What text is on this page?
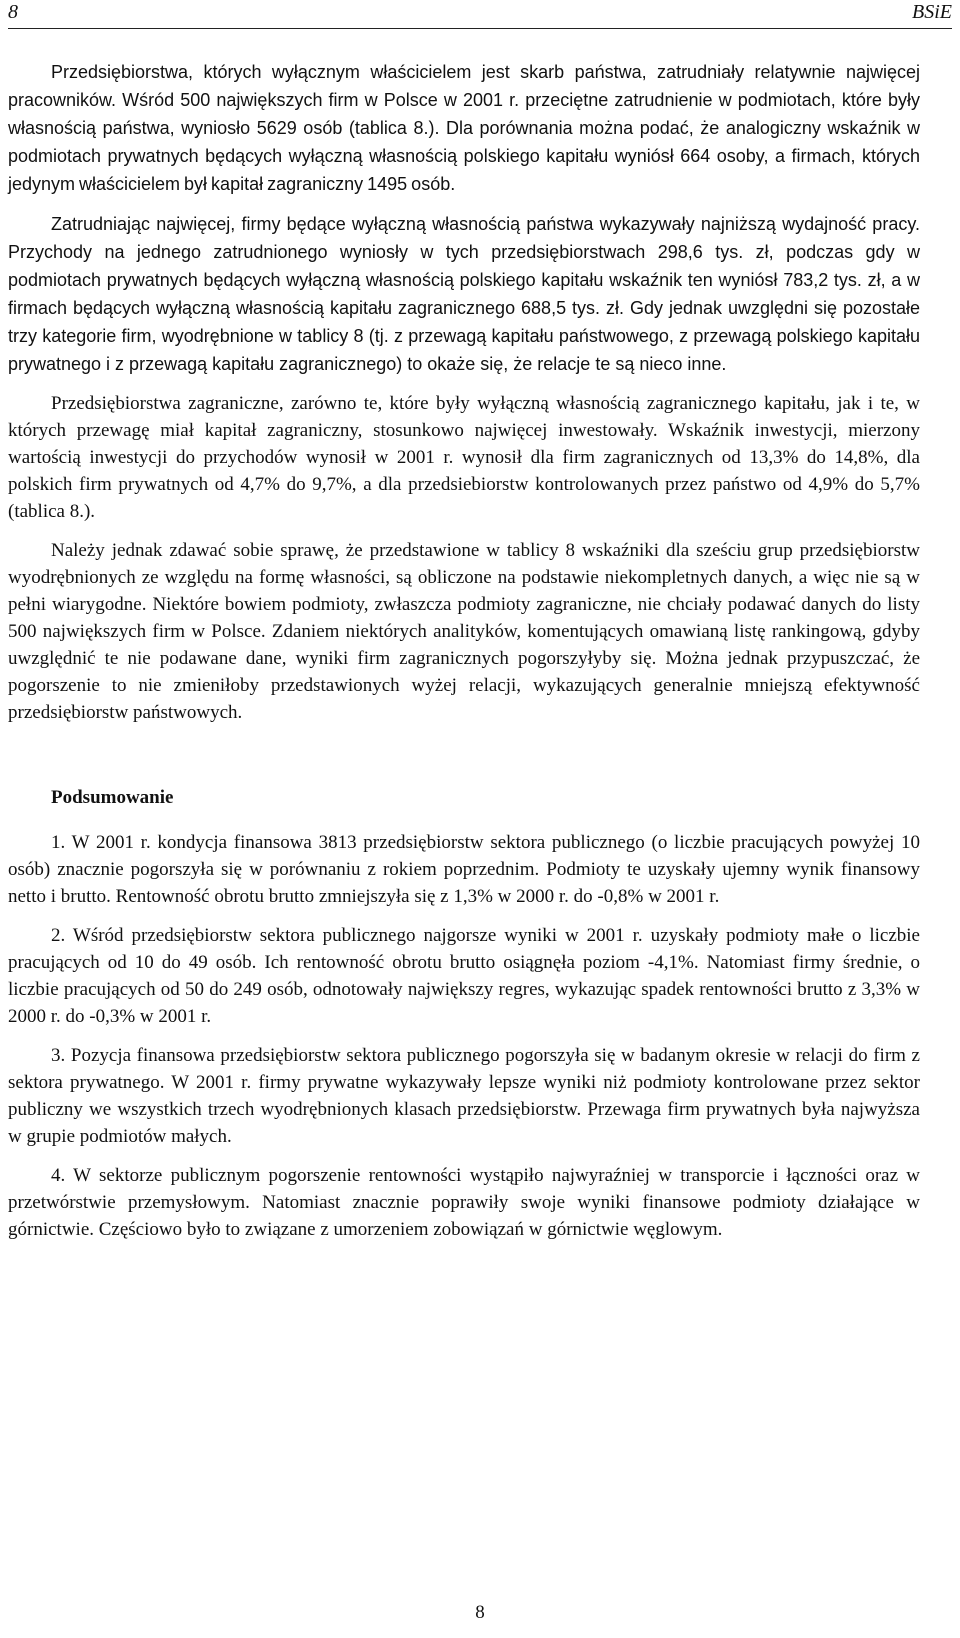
8	BSiE

Przedsiębiorstwa, których wyłącznym właścicielem jest skarb państwa, zatrudniały relatywnie najwięcej pracowników. Wśród 500 największych firm w Polsce w 2001 r. przeciętne zatrudnienie w podmiotach, które były własnością państwa, wyniosło 5629 osób (tablica 8.). Dla porównania można podać, że analogiczny wskaźnik w podmiotach prywatnych będących wyłączną własnością polskiego kapitału wyniósł 664 osoby, a firmach, których jedynym właścicielem był kapitał zagraniczny 1495 osób.

Zatrudniając najwięcej, firmy będące wyłączną własnością państwa wykazywały najniższą wydajność pracy. Przychody na jednego zatrudnionego wyniosły w tych przedsiębiorstwach 298,6 tys. zł, podczas gdy w podmiotach prywatnych będących wyłączną własnością polskiego kapitału wskaźnik ten wyniósł 783,2 tys. zł, a w firmach będących wyłączną własnością kapitału zagranicznego 688,5 tys. zł. Gdy jednak uwzględni się pozostałe trzy kategorie firm, wyodrębnione w tablicy 8 (tj. z przewagą kapitału państwowego, z przewagą polskiego kapitału prywatnego i z przewagą kapitału zagranicznego) to okaże się, że relacje te są nieco inne.

Przedsiębiorstwa zagraniczne, zarówno te, które były wyłączną własnością zagranicznego kapitału, jak i te, w których przewagę miał kapitał zagraniczny, stosunkowo najwięcej inwestowały. Wskaźnik inwestycji, mierzony wartością inwestycji do przychodów wynosił w 2001 r. wynosił dla firm zagranicznych od 13,3% do 14,8%, dla polskich firm prywatnych od 4,7% do 9,7%, a dla przedsiebiorstw kontrolowanych przez państwo od 4,9% do 5,7% (tablica 8.).

Należy jednak zdawać sobie sprawę, że przedstawione w tablicy 8 wskaźniki dla sześciu grup przedsiębiorstw wyodrębnionych ze względu na formę własności, są obliczone na podstawie niekompletnych danych, a więc nie są w pełni wiarygodne. Niektóre bowiem podmioty, zwłaszcza podmioty zagraniczne, nie chciały podawać danych do listy 500 największych firm w Polsce. Zdaniem niektórych analityków, komentujących omawianą listę rankingową, gdyby uwzględnić te nie podawane dane, wyniki firm zagranicznych pogorszyłyby się. Można jednak przypuszczać, że pogorszenie to nie zmieniłoby przedstawionych wyżej relacji, wykazujących generalnie mniejszą efektywność przedsiębiorstw państwowych.

Podsumowanie
1. W 2001 r. kondycja finansowa 3813 przedsiębiorstw sektora publicznego (o liczbie pracujących powyżej 10 osób) znacznie pogorszyła się w porównaniu z rokiem poprzednim. Podmioty te uzyskały ujemny wynik finansowy netto i brutto. Rentowność obrotu brutto zmniejszyła się z 1,3% w 2000 r. do -0,8% w 2001 r.
2. Wśród przedsiębiorstw sektora publicznego najgorsze wyniki w 2001 r. uzyskały podmioty małe o liczbie pracujących od 10 do 49 osób. Ich rentowność obrotu brutto osiągnęła poziom -4,1%. Natomiast firmy średnie, o liczbie pracujących od 50 do 249 osób, odnotowały największy regres, wykazując spadek rentowności brutto z 3,3% w 2000 r. do -0,3% w 2001 r.
3. Pozycja finansowa przedsiębiorstw sektora publicznego pogorszyła się w badanym okresie w relacji do firm z sektora prywatnego. W 2001 r. firmy prywatne wykazywały lepsze wyniki niż podmioty kontrolowane przez sektor publiczny we wszystkich trzech wyodrębnionych klasach przedsiębiorstw. Przewaga firm prywatnych była najwyższa w grupie podmiotów małych.
4. W sektorze publicznym pogorszenie rentowności wystąpiło najwyraźniej w transporcie i łączności oraz w przetwórstwie przemysłowym. Natomiast znacznie poprawiły swoje wyniki finansowe podmioty działające w górnictwie. Częściowo było to związane z umorzeniem zobowiązań w górnictwie węglowym.
8
